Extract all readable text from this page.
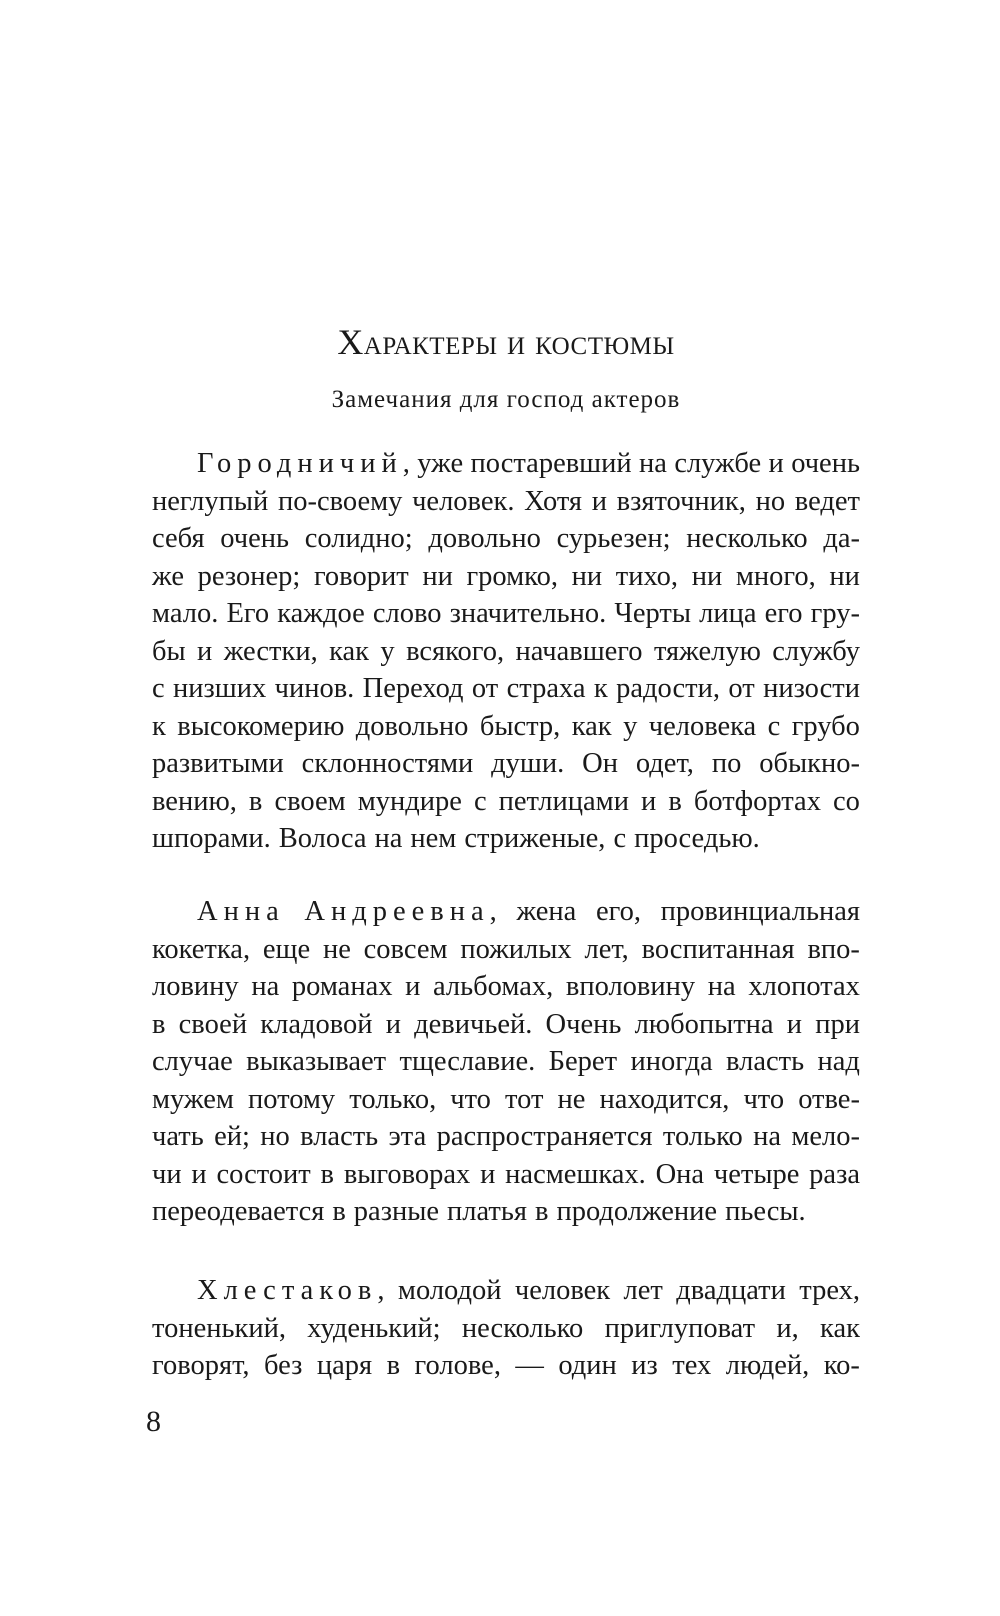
Характеры и костюмы
Замечания для господ актеров
Городничий, уже постаревший на службе и очень
неглупый по-своему человек. Хотя и взяточник, но ведет
себя очень солидно; довольно сурьезен; несколько да-
же резонер; говорит ни громко, ни тихо, ни много, ни
мало. Его каждое слово значительно. Черты лица его гру-
бы и жестки, как у всякого, начавшего тяжелую службу
с низших чинов. Переход от страха к радости, от низости
к высокомерию довольно быстр, как у человека с грубо
развитыми склонностями души. Он одет, по обыкно-
вению, в своем мундире с петлицами и в ботфортах со
шпорами. Волоса на нем стриженые, с проседью.
Анна Андреевна, жена его, провинциальная
кокетка, еще не совсем пожилых лет, воспитанная впо-
ловину на романах и альбомах, вполовину на хлопотах
в своей кладовой и девичьей. Очень любопытна и при
случае выказывает тщеславие. Берет иногда власть над
мужем потому только, что тот не находится, что отве-
чать ей; но власть эта распространяется только на мело-
чи и состоит в выговорах и насмешках. Она четыре раза
переодевается в разные платья в продолжение пьесы.
Хлестаков, молодой человек лет двадцати трех,
тоненький, худенький; несколько приглуповат и, как
говорят, без царя в голове, — один из тех людей, ко-
8
